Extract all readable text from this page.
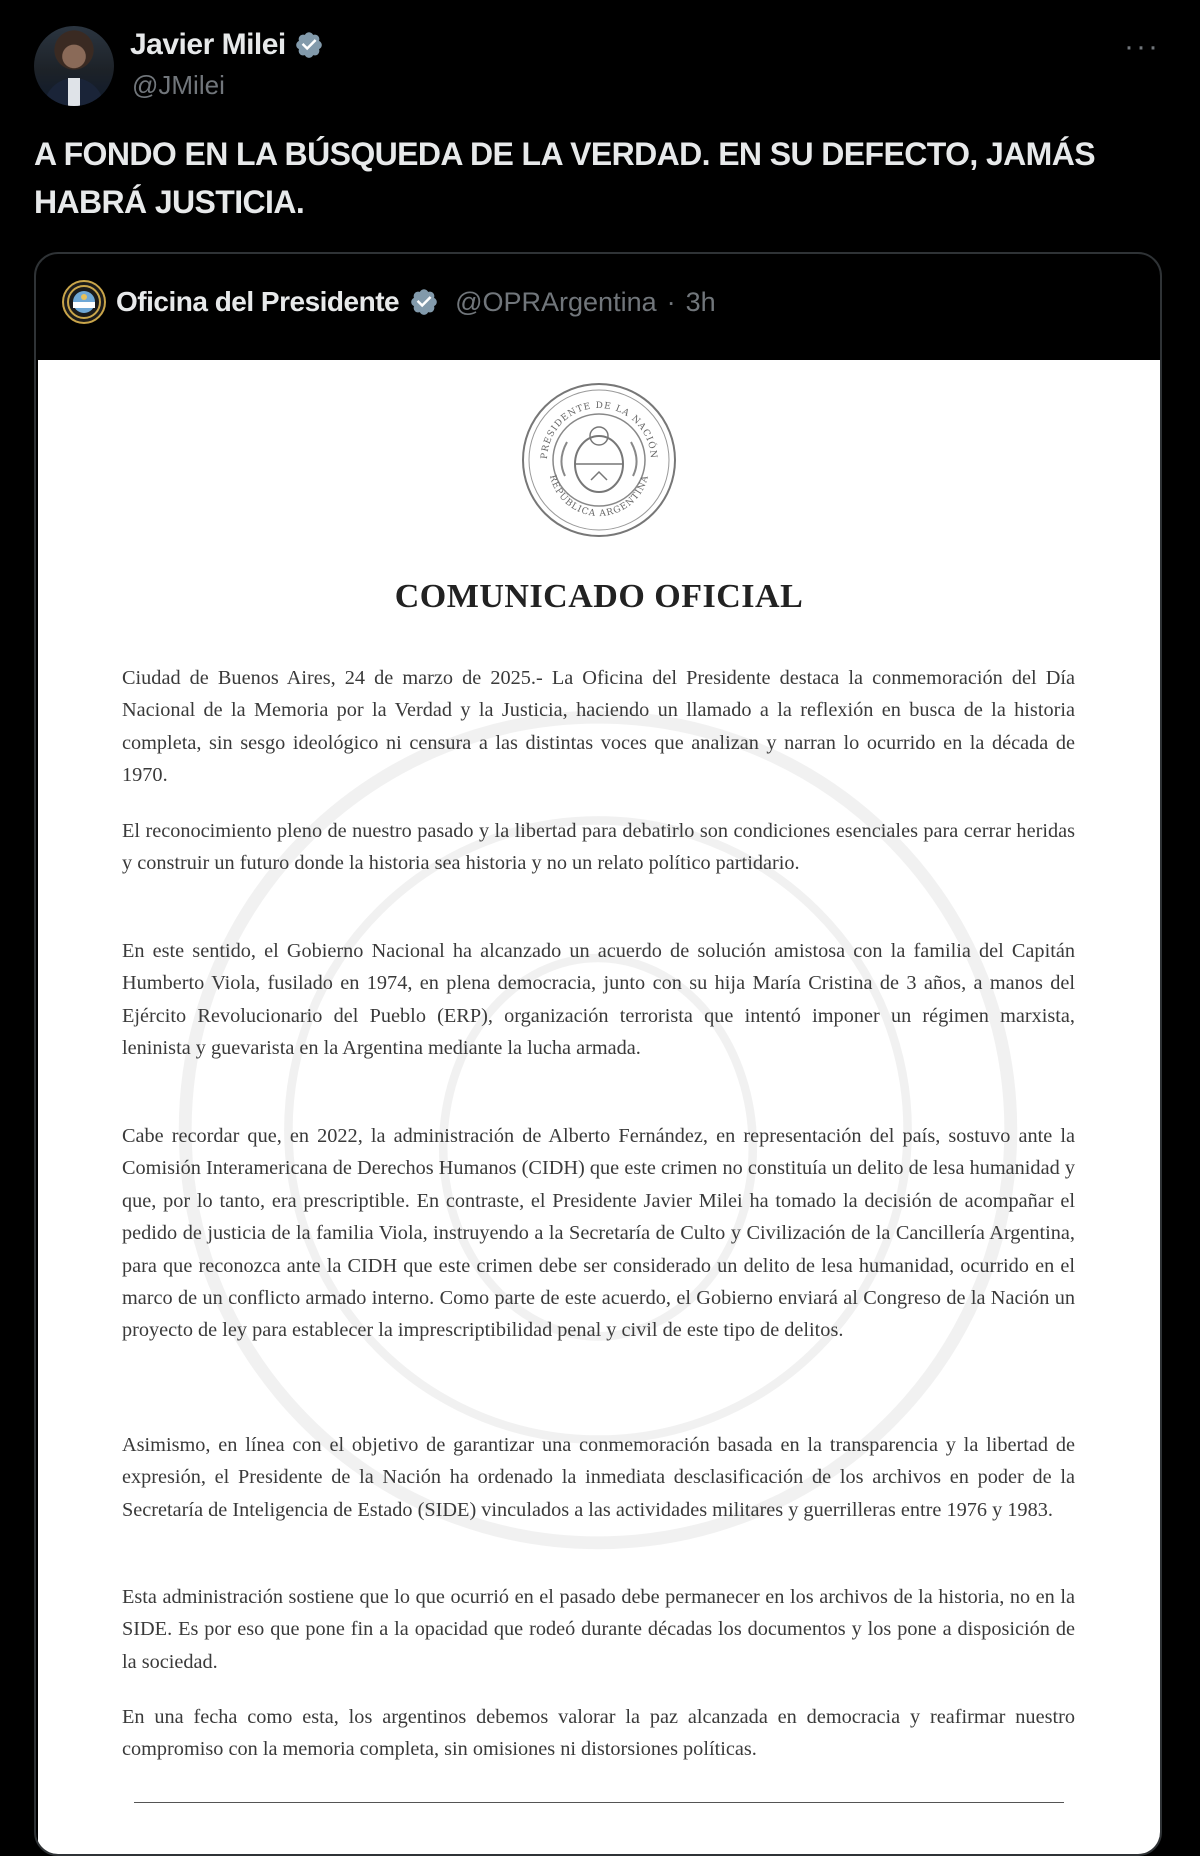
Javier Milei
@JMilei
···
A FONDO EN LA BÚSQUEDA DE LA VERDAD. EN SU DEFECTO, JAMÁS HABRÁ JUSTICIA.
Oficina del Presidente @OPRArgentina · 3h
PRESIDENTE DE LA NACIÓN
REPÚBLICA ARGENTINA
COMUNICADO OFICIAL

Ciudad de Buenos Aires, 24 de marzo de 2025.- La Oficina del Presidente destaca la conmemoración del Día Nacional de la Memoria por la Verdad y la Justicia, haciendo un llamado a la reflexión en busca de la historia completa, sin sesgo ideológico ni censura a las distintas voces que analizan y narran lo ocurrido en la década de 1970.

El reconocimiento pleno de nuestro pasado y la libertad para debatirlo son condiciones esenciales para cerrar heridas y construir un futuro donde la historia sea historia y no un relato político partidario.

En este sentido, el Gobierno Nacional ha alcanzado un acuerdo de solución amistosa con la familia del Capitán Humberto Viola, fusilado en 1974, en plena democracia, junto con su hija María Cristina de 3 años, a manos del Ejército Revolucionario del Pueblo (ERP), organización terrorista que intentó imponer un régimen marxista, leninista y guevarista en la Argentina mediante la lucha armada.

Cabe recordar que, en 2022, la administración de Alberto Fernández, en representación del país, sostuvo ante la Comisión Interamericana de Derechos Humanos (CIDH) que este crimen no constituía un delito de lesa humanidad y que, por lo tanto, era prescriptible. En contraste, el Presidente Javier Milei ha tomado la decisión de acompañar el pedido de justicia de la familia Viola, instruyendo a la Secretaría de Culto y Civilización de la Cancillería Argentina, para que reconozca ante la CIDH que este crimen debe ser considerado un delito de lesa humanidad, ocurrido en el marco de un conflicto armado interno. Como parte de este acuerdo, el Gobierno enviará al Congreso de la Nación un proyecto de ley para establecer la imprescriptibilidad penal y civil de este tipo de delitos.

Asimismo, en línea con el objetivo de garantizar una conmemoración basada en la transparencia y la libertad de expresión, el Presidente de la Nación ha ordenado la inmediata desclasificación de los archivos en poder de la Secretaría de Inteligencia de Estado (SIDE) vinculados a las actividades militares y guerrilleras entre 1976 y 1983.

Esta administración sostiene que lo que ocurrió en el pasado debe permanecer en los archivos de la historia, no en la SIDE. Es por eso que pone fin a la opacidad que rodeó durante décadas los documentos y los pone a disposición de la sociedad.

En una fecha como esta, los argentinos debemos valorar la paz alcanzada en democracia y reafirmar nuestro compromiso con la memoria completa, sin omisiones ni distorsiones políticas.
